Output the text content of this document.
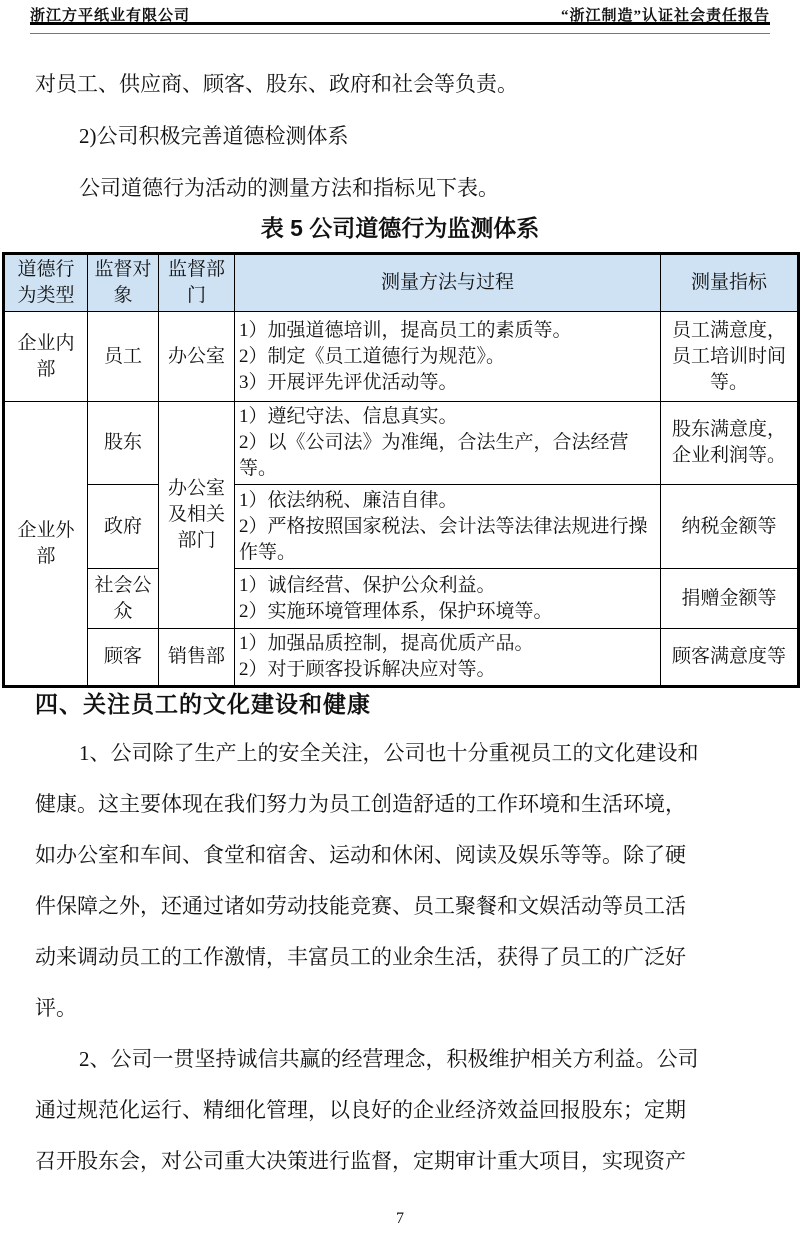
浙江方平纸业有限公司	“浙江制造”认证社会责任报告
对员工、供应商、顾客、股东、政府和社会等负责。
2)公司积极完善道德检测体系
公司道德行为活动的测量方法和指标见下表。
表 5 公司道德行为监测体系
道德行为类型	监督对象	监督部门	测量方法与过程	测量指标
企业内部	员工	办公室	1）加强道德培训，提高员工的素质等。
2）制定《员工道德行为规范》。
3）开展评先评优活动等。	员工满意度，员工培训时间等。
企业外部	股东	办公室及相关部门	1）遵纪守法、信息真实。
2）以《公司法》为准绳，合法生产，合法经营等。	股东满意度，企业利润等。
	政府		1）依法纳税、廉洁自律。
2）严格按照国家税法、会计法等法律法规进行操作等。	纳税金额等
	社会公众		1）诚信经营、保护公众利益。
2）实施环境管理体系，保护环境等。	捐赠金额等
	顾客	销售部	1）加强品质控制，提高优质产品。
2）对于顾客投诉解决应对等。	顾客满意度等
四、关注员工的文化建设和健康
1、公司除了生产上的安全关注，公司也十分重视员工的文化建设和
健康。这主要体现在我们努力为员工创造舒适的工作环境和生活环境，
如办公室和车间、食堂和宿舍、运动和休闲、阅读及娱乐等等。除了硬
件保障之外，还通过诸如劳动技能竞赛、员工聚餐和文娱活动等员工活
动来调动员工的工作激情，丰富员工的业余生活，获得了员工的广泛好
评。
2、公司一贯坚持诚信共赢的经营理念，积极维护相关方利益。公司
通过规范化运行、精细化管理，以良好的企业经济效益回报股东；定期
召开股东会，对公司重大决策进行监督，定期审计重大项目，实现资产
7
